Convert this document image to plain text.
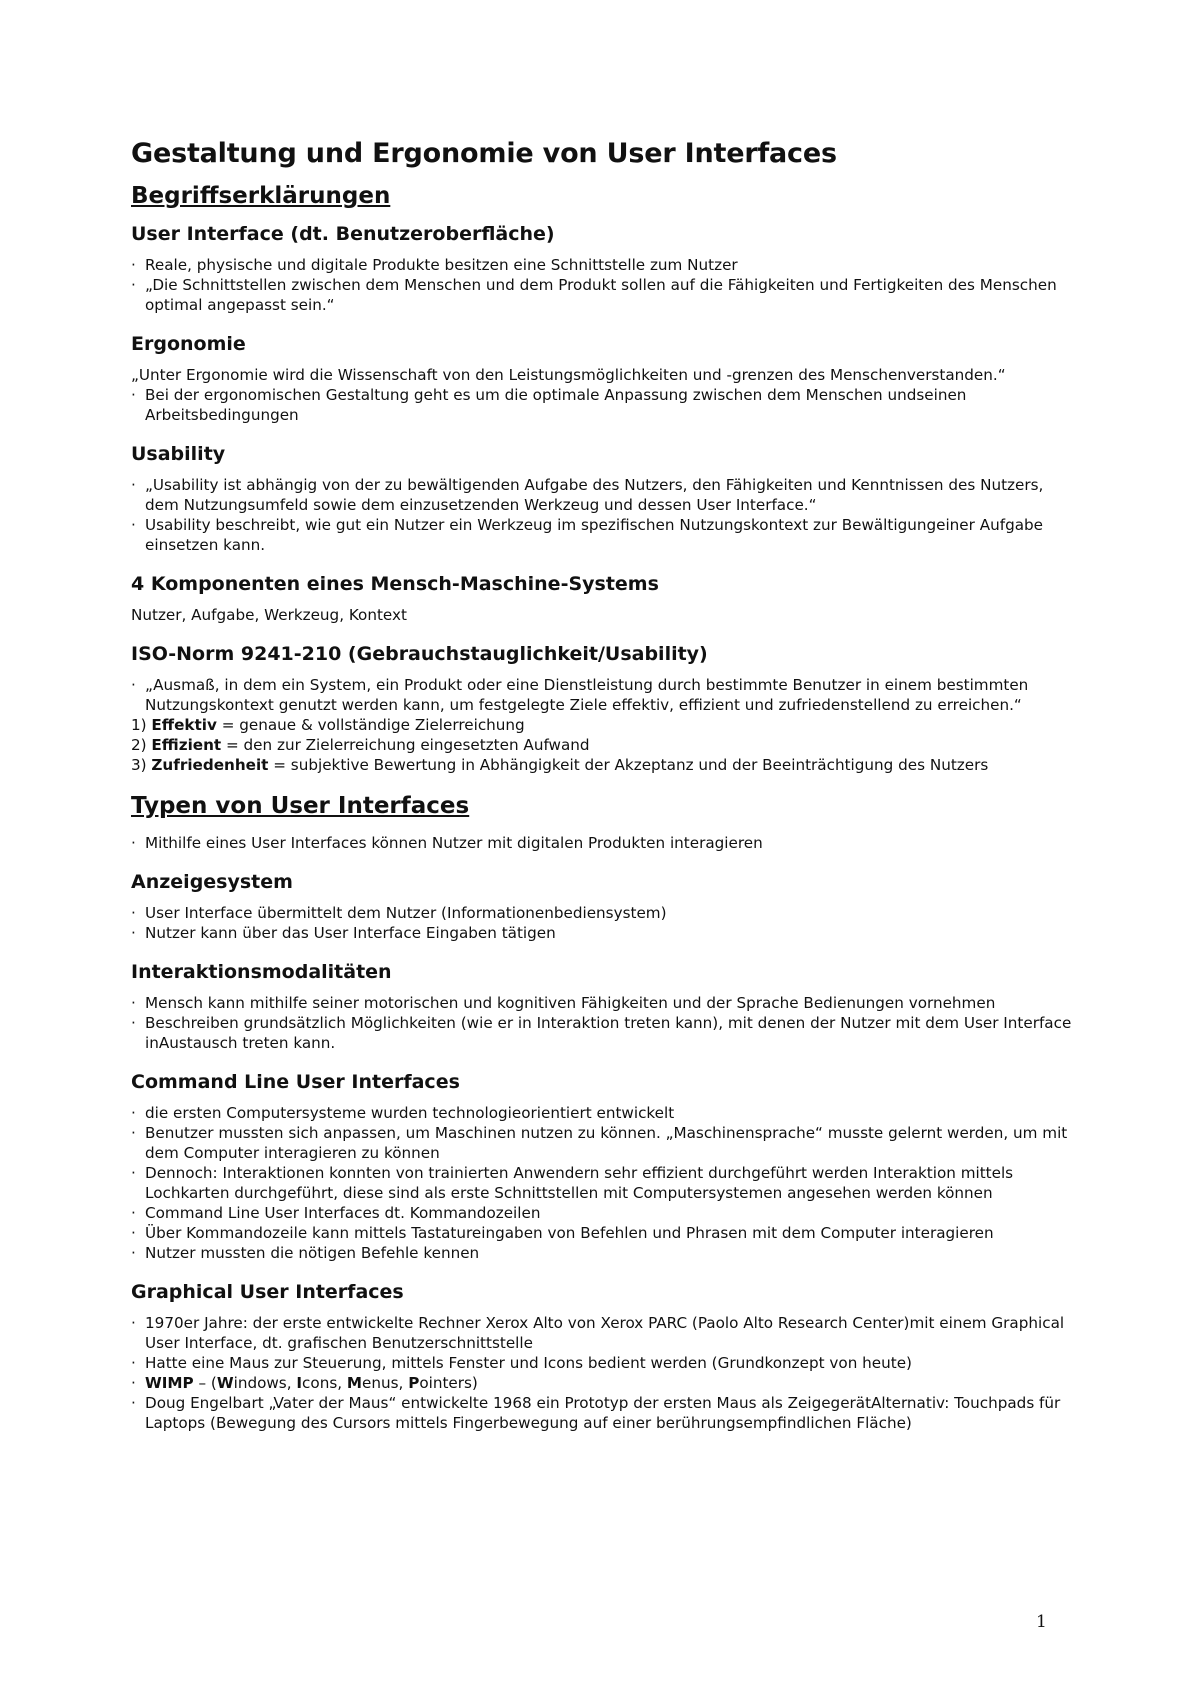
Gestaltung und Ergonomie von User Interfaces
Begriffserklärungen
User Interface (dt. Benutzeroberfläche)
· Reale, physische und digitale Produkte besitzen eine Schnittstelle zum Nutzer
· „Die Schnittstellen zwischen dem Menschen und dem Produkt sollen auf die Fähigkeiten und Fertigkeiten des Menschen optimal angepasst sein.“
Ergonomie

„Unter Ergonomie wird die Wissenschaft von den Leistungsmöglichkeiten und -grenzen des Menschenverstanden.“

· Bei der ergonomischen Gestaltung geht es um die optimale Anpassung zwischen dem Menschen undseinen Arbeitsbedingungen
Usability
· „Usability ist abhängig von der zu bewältigenden Aufgabe des Nutzers, den Fähigkeiten und Kenntnissen des Nutzers, dem Nutzungsumfeld sowie dem einzusetzenden Werkzeug und dessen User Interface.“
· Usability beschreibt, wie gut ein Nutzer ein Werkzeug im spezifischen Nutzungskontext zur Bewältigungeiner Aufgabe einsetzen kann.
4 Komponenten eines Mensch-Maschine-Systems

Nutzer, Aufgabe, Werkzeug, Kontext

ISO-Norm 9241-210 (Gebrauchstauglichkeit/Usability)
· „Ausmaß, in dem ein System, ein Produkt oder eine Dienstleistung durch bestimmte Benutzer in einem bestimmten Nutzungskontext genutzt werden kann, um festgelegte Ziele effektiv, effizient und zufriedenstellend zu erreichen.“

1) Effektiv = genaue & vollständige Zielerreichung

2) Effizient = den zur Zielerreichung eingesetzten Aufwand

3) Zufriedenheit = subjektive Bewertung in Abhängigkeit der Akzeptanz und der Beeinträchtigung des Nutzers

Typen von User Interfaces
· Mithilfe eines User Interfaces können Nutzer mit digitalen Produkten interagieren
Anzeigesystem
· User Interface übermittelt dem Nutzer (Informationenbediensystem)
· Nutzer kann über das User Interface Eingaben tätigen
Interaktionsmodalitäten
· Mensch kann mithilfe seiner motorischen und kognitiven Fähigkeiten und der Sprache Bedienungen vornehmen
· Beschreiben grundsätzlich Möglichkeiten (wie er in Interaktion treten kann), mit denen der Nutzer mit dem User Interface inAustausch treten kann.
Command Line User Interfaces
· die ersten Computersysteme wurden technologieorientiert entwickelt
· Benutzer mussten sich anpassen, um Maschinen nutzen zu können. „Maschinensprache“ musste gelernt werden, um mit dem Computer interagieren zu können
· Dennoch: Interaktionen konnten von trainierten Anwendern sehr effizient durchgeführt werden Interaktion mittels Lochkarten durchgeführt, diese sind als erste Schnittstellen mit Computersystemen angesehen werden können
· Command Line User Interfaces dt. Kommandozeilen
· Über Kommandozeile kann mittels Tastatureingaben von Befehlen und Phrasen mit dem Computer interagieren
· Nutzer mussten die nötigen Befehle kennen
Graphical User Interfaces
· 1970er Jahre: der erste entwickelte Rechner Xerox Alto von Xerox PARC (Paolo Alto Research Center)mit einem Graphical User Interface, dt. grafischen Benutzerschnittstelle
· Hatte eine Maus zur Steuerung, mittels Fenster und Icons bedient werden (Grundkonzept von heute)
· WIMP – (Windows, Icons, Menus, Pointers)
· Doug Engelbart „Vater der Maus“ entwickelte 1968 ein Prototyp der ersten Maus als ZeigegerätAlternativ: Touchpads für Laptops (Bewegung des Cursors mittels Fingerbewegung auf einer berührungsempfindlichen Fläche)
1
